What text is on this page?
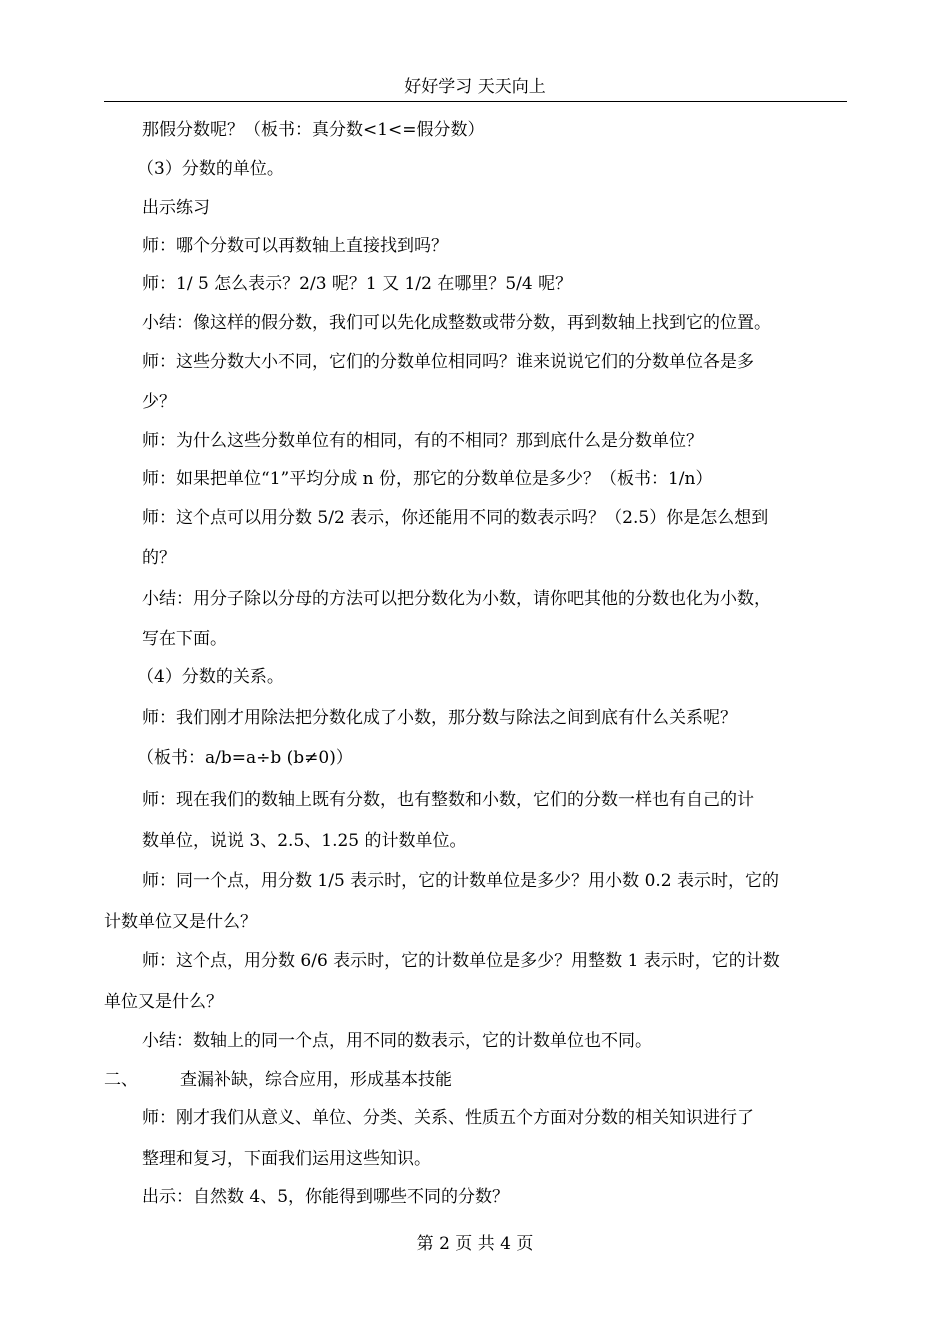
好好学习 天天向上
那假分数呢？（板书：真分数<1<=假分数）
（3）分数的单位。
出示练习
师：哪个分数可以再数轴上直接找到吗？
师：1/ 5 怎么表示？2/3 呢？1 又 1/2 在哪里？5/4 呢？
小结：像这样的假分数，我们可以先化成整数或带分数，再到数轴上找到它的位置。
师：这些分数大小不同，它们的分数单位相同吗？谁来说说它们的分数单位各是多
少？
师：为什么这些分数单位有的相同，有的不相同？那到底什么是分数单位？
师：如果把单位“1”平均分成 n 份，那它的分数单位是多少？（板书：1/n）
师：这个点可以用分数 5/2 表示，你还能用不同的数表示吗？（2.5）你是怎么想到
的？
小结：用分子除以分母的方法可以把分数化为小数，请你吧其他的分数也化为小数，
写在下面。
（4）分数的关系。
师：我们刚才用除法把分数化成了小数，那分数与除法之间到底有什么关系呢？
（板书：a/b=a÷b (b≠0)）
师：现在我们的数轴上既有分数，也有整数和小数，它们的分数一样也有自己的计
数单位，说说 3、2.5、1.25 的计数单位。
师：同一个点，用分数 1/5 表示时，它的计数单位是多少？用小数 0.2 表示时，它的
计数单位又是什么？
师：这个点，用分数 6/6 表示时，它的计数单位是多少？用整数 1 表示时，它的计数
单位又是什么？
小结：数轴上的同一个点，用不同的数表示，它的计数单位也不同。
二、	查漏补缺，综合应用，形成基本技能
师：刚才我们从意义、单位、分类、关系、性质五个方面对分数的相关知识进行了
整理和复习，下面我们运用这些知识。
出示：自然数 4、5，你能得到哪些不同的分数？
第 2 页 共 4 页
